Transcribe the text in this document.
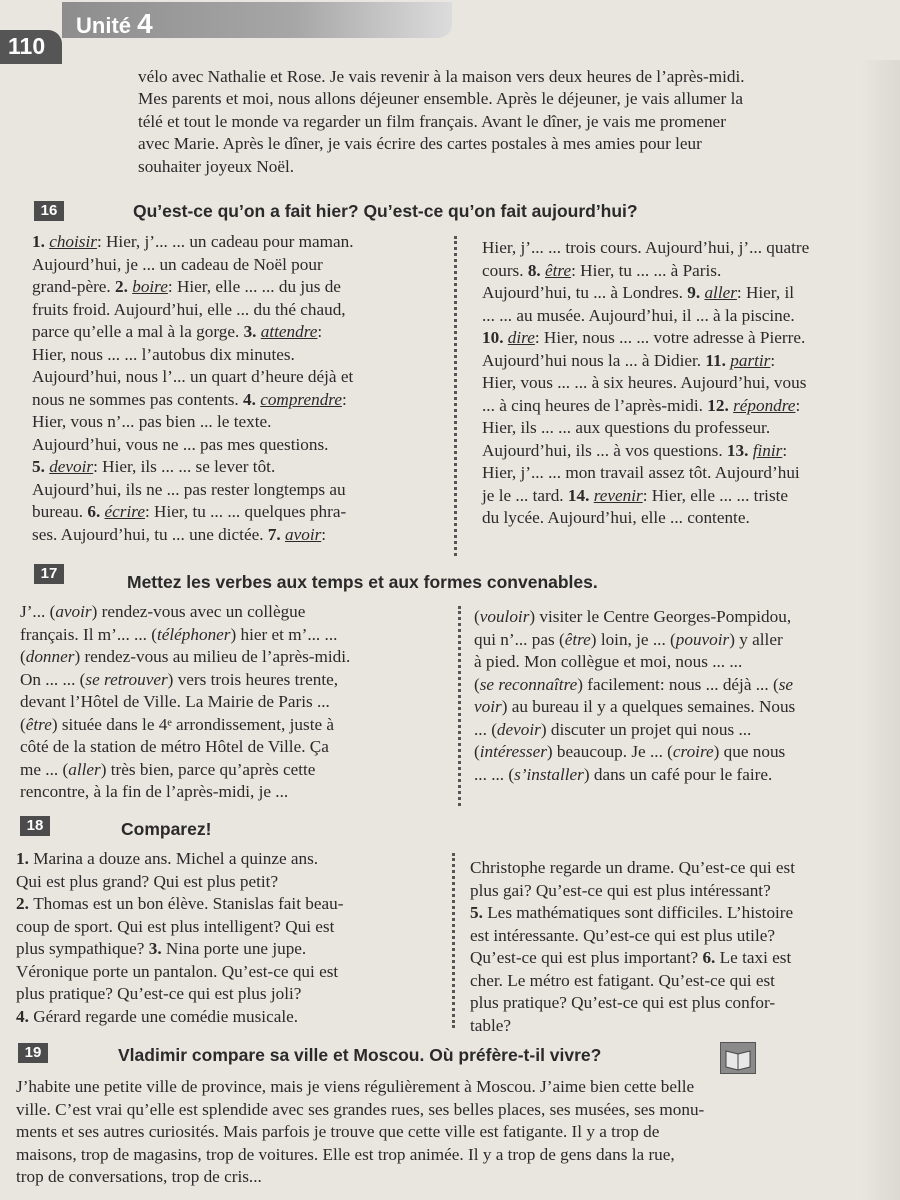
Unité 4
110
vélo avec Nathalie et Rose. Je vais revenir à la maison vers deux heures de l’après-midi.
Mes parents et moi, nous allons déjeuner ensemble. Après le déjeuner, je vais allumer la
télé et tout le monde va regarder un film français. Avant le dîner, je vais me promener
avec Marie. Après le dîner, je vais écrire des cartes postales à mes amies pour leur
souhaiter joyeux Noël.
16	Qu’est-ce qu’on a fait hier? Qu’est-ce qu’on fait aujourd’hui?
1. choisir: Hier, j’... ... un cadeau pour maman.
Aujourd’hui, je ... un cadeau de Noël pour
grand-père. 2. boire: Hier, elle ... ... du jus de
fruits froid. Aujourd’hui, elle ... du thé chaud,
parce qu’elle a mal à la gorge. 3. attendre:
Hier, nous ... ... l’autobus dix minutes.
Aujourd’hui, nous l’... un quart d’heure déjà et
nous ne sommes pas contents. 4. comprendre:
Hier, vous n’... pas bien ... le texte.
Aujourd’hui, vous ne ... pas mes questions.
5. devoir: Hier, ils ... ... se lever tôt.
Aujourd’hui, ils ne ... pas rester longtemps au
bureau. 6. écrire: Hier, tu ... ... quelques phra-
ses. Aujourd’hui, tu ... une dictée. 7. avoir:
Hier, j’... ... trois cours. Aujourd’hui, j’... quatre
cours. 8. être: Hier, tu ... ... à Paris.
Aujourd’hui, tu ... à Londres. 9. aller: Hier, il
... ... au musée. Aujourd’hui, il ... à la piscine.
10. dire: Hier, nous ... ... votre adresse à Pierre.
Aujourd’hui nous la ... à Didier. 11. partir:
Hier, vous ... ... à six heures. Aujourd’hui, vous
... à cinq heures de l’après-midi. 12. répondre:
Hier, ils ... ... aux questions du professeur.
Aujourd’hui, ils ... à vos questions. 13. finir:
Hier, j’... ... mon travail assez tôt. Aujourd’hui
je le ... tard. 14. revenir: Hier, elle ... ... triste
du lycée. Aujourd’hui, elle ... contente.
17	Mettez les verbes aux temps et aux formes convenables.
J’... (avoir) rendez-vous avec un collègue
français. Il m’... ... (téléphoner) hier et m’... ...
(donner) rendez-vous au milieu de l’après-midi.
On ... ... (se retrouver) vers trois heures trente,
devant l’Hôtel de Ville. La Mairie de Paris ...
(être) située dans le 4ᵉ arrondissement, juste à
côté de la station de métro Hôtel de Ville. Ça
me ... (aller) très bien, parce qu’après cette
rencontre, à la fin de l’après-midi, je ...
(vouloir) visiter le Centre Georges-Pompidou,
qui n’... pas (être) loin, je ... (pouvoir) y aller
à pied. Mon collègue et moi, nous ... ...
(se reconnaître) facilement: nous ... déjà ... (se
voir) au bureau il y a quelques semaines. Nous
... (devoir) discuter un projet qui nous ...
(intéresser) beaucoup. Je ... (croire) que nous
... ... (s’installer) dans un café pour le faire.
18	Comparez!
1. Marina a douze ans. Michel a quinze ans.
Qui est plus grand? Qui est plus petit?
2. Thomas est un bon élève. Stanislas fait beau-
coup de sport. Qui est plus intelligent? Qui est
plus sympathique? 3. Nina porte une jupe.
Véronique porte un pantalon. Qu’est-ce qui est
plus pratique? Qu’est-ce qui est plus joli?
4. Gérard regarde une comédie musicale.
Christophe regarde un drame. Qu’est-ce qui est
plus gai? Qu’est-ce qui est plus intéressant?
5. Les mathématiques sont difficiles. L’histoire
est intéressante. Qu’est-ce qui est plus utile?
Qu’est-ce qui est plus important? 6. Le taxi est
cher. Le métro est fatigant. Qu’est-ce qui est
plus pratique? Qu’est-ce qui est plus confor-
table?
19	Vladimir compare sa ville et Moscou. Où préfère-t-il vivre?
J’habite une petite ville de province, mais je viens régulièrement à Moscou. J’aime bien cette belle
ville. C’est vrai qu’elle est splendide avec ses grandes rues, ses belles places, ses musées, ses monu-
ments et ses autres curiosités. Mais parfois je trouve que cette ville est fatigante. Il y a trop de
maisons, trop de magasins, trop de voitures. Elle est trop animée. Il y a trop de gens dans la rue,
trop de conversations, trop de cris...
